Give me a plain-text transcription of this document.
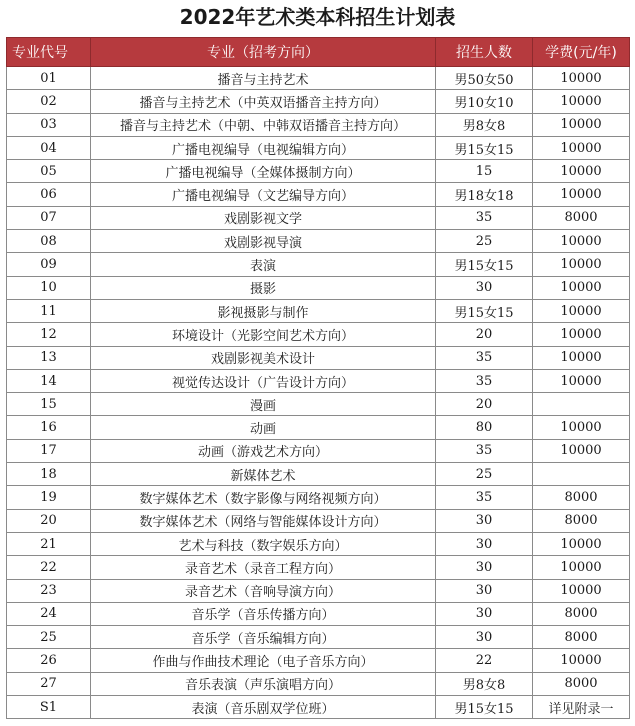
2022年艺术类本科招生计划表
专业代号	专业（招考方向）	招生人数	学费(元/年)
01	播音与主持艺术	男50女50	10000
02	播音与主持艺术（中英双语播音主持方向）	男10女10	10000
03	播音与主持艺术（中朝、中韩双语播音主持方向）	男8女8	10000
04	广播电视编导（电视编辑方向）	男15女15	10000
05	广播电视编导（全媒体摄制方向）	15	10000
06	广播电视编导（文艺编导方向）	男18女18	10000
07	戏剧影视文学	35	8000
08	戏剧影视导演	25	10000
09	表演	男15女15	10000
10	摄影	30	10000
11	影视摄影与制作	男15女15	10000
12	环境设计（光影空间艺术方向）	20	10000
13	戏剧影视美术设计	35	10000
14	视觉传达设计（广告设计方向）	35	10000
15	漫画	20	
16	动画	80	10000
17	动画（游戏艺术方向）	35	10000
18	新媒体艺术	25	
19	数字媒体艺术（数字影像与网络视频方向）	35	8000
20	数字媒体艺术（网络与智能媒体设计方向）	30	8000
21	艺术与科技（数字娱乐方向）	30	10000
22	录音艺术（录音工程方向）	30	10000
23	录音艺术（音响导演方向）	30	10000
24	音乐学（音乐传播方向）	30	8000
25	音乐学（音乐编辑方向）	30	8000
26	作曲与作曲技术理论（电子音乐方向）	22	10000
27	音乐表演（声乐演唱方向）	男8女8	8000
S1	表演（音乐剧双学位班）	男15女15	详见附录一
